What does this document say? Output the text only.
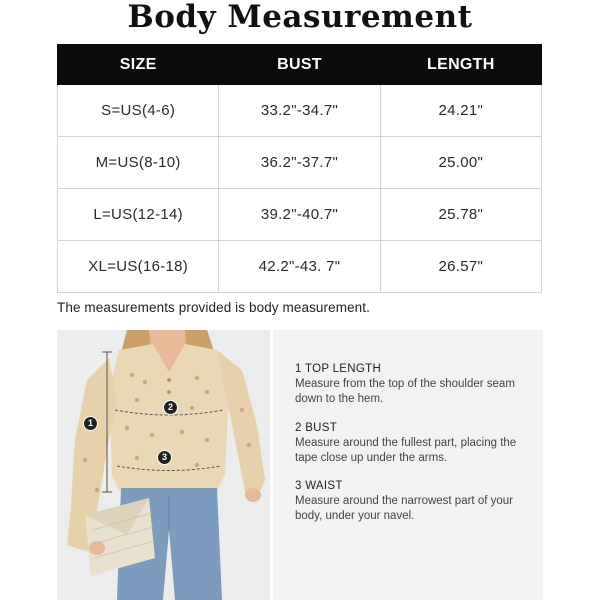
Body Measurement
SIZE	BUST	LENGTH
S=US(4-6)	33.2"-34.7"	24.21"
M=US(8-10)	36.2"-37.7"	25.00"
L=US(12-14)	39.2"-40.7"	25.78"
XL=US(16-18)	42.2"-43. 7"	26.57"
The measurements provided is body measurement.
1
2
3
1 TOP LENGTH
Measure from the top of the shoulder seam down to the hem.
2 BUST
Measure around the fullest part, placing the tape close up under the arms.
3 WAIST
Measure around the narrowest part of your body, under your navel.
